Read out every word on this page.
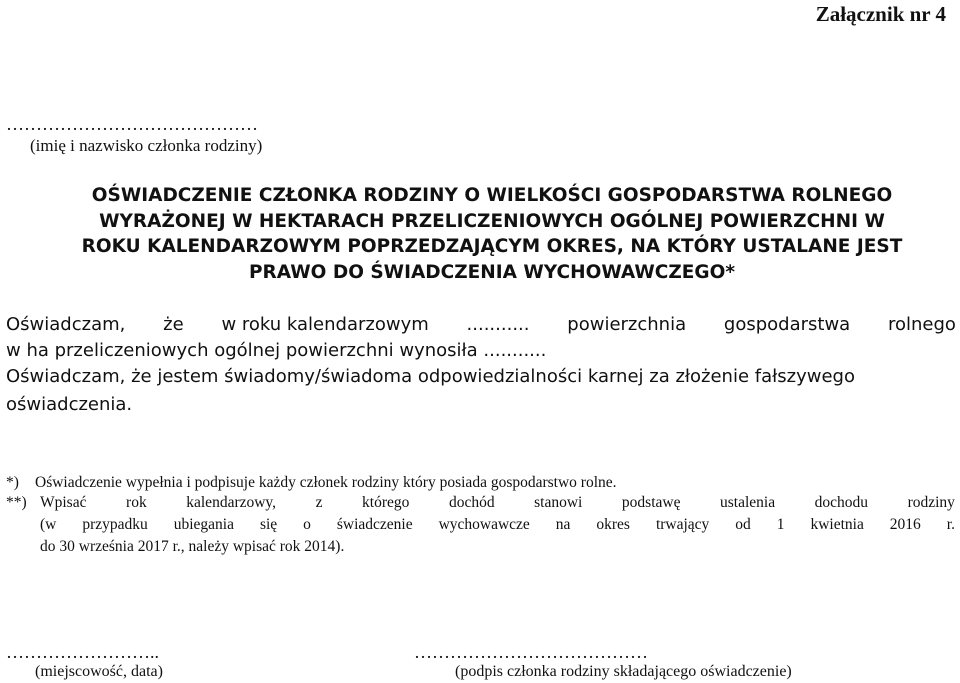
Załącznik nr 4
……………………………………
(imię i nazwisko członka rodziny)
OŚWIADCZENIE CZŁONKA RODZINY O WIELKOŚCI GOSPODARSTWA ROLNEGO
WYRAŻONEJ W HEKTARACH PRZELICZENIOWYCH OGÓLNEJ POWIERZCHNI W
ROKU KALENDARZOWYM POPRZEDZAJĄCYM OKRES, NA KTÓRY USTALANE JEST
PRAWO DO ŚWIADCZENIA WYCHOWAWCZEGO*
Oświadczam, że w roku kalendarzowym ........... powierzchnia gospodarstwa rolnego
w ha przeliczeniowych ogólnej powierzchni wynosiła ...........
Oświadczam, że jestem świadomy/świadoma odpowiedzialności karnej za złożenie fałszywego
oświadczenia.
*) Oświadczenie wypełnia i podpisuje każdy członek rodziny który posiada gospodarstwo rolne.
**) Wpisać	rok	kalendarzowy,	z	którego	dochód	stanowi	podstawę	ustalenia	dochodu	rodziny
(w przypadku ubiegania się o świadczenie wychowawcze na okres trwający od 1 kwietnia 2016 r.
do 30 września 2017 r., należy wpisać rok 2014).
……………………..
(miejscowość, data)
…………………………………
(podpis członka rodziny składającego oświadczenie)
